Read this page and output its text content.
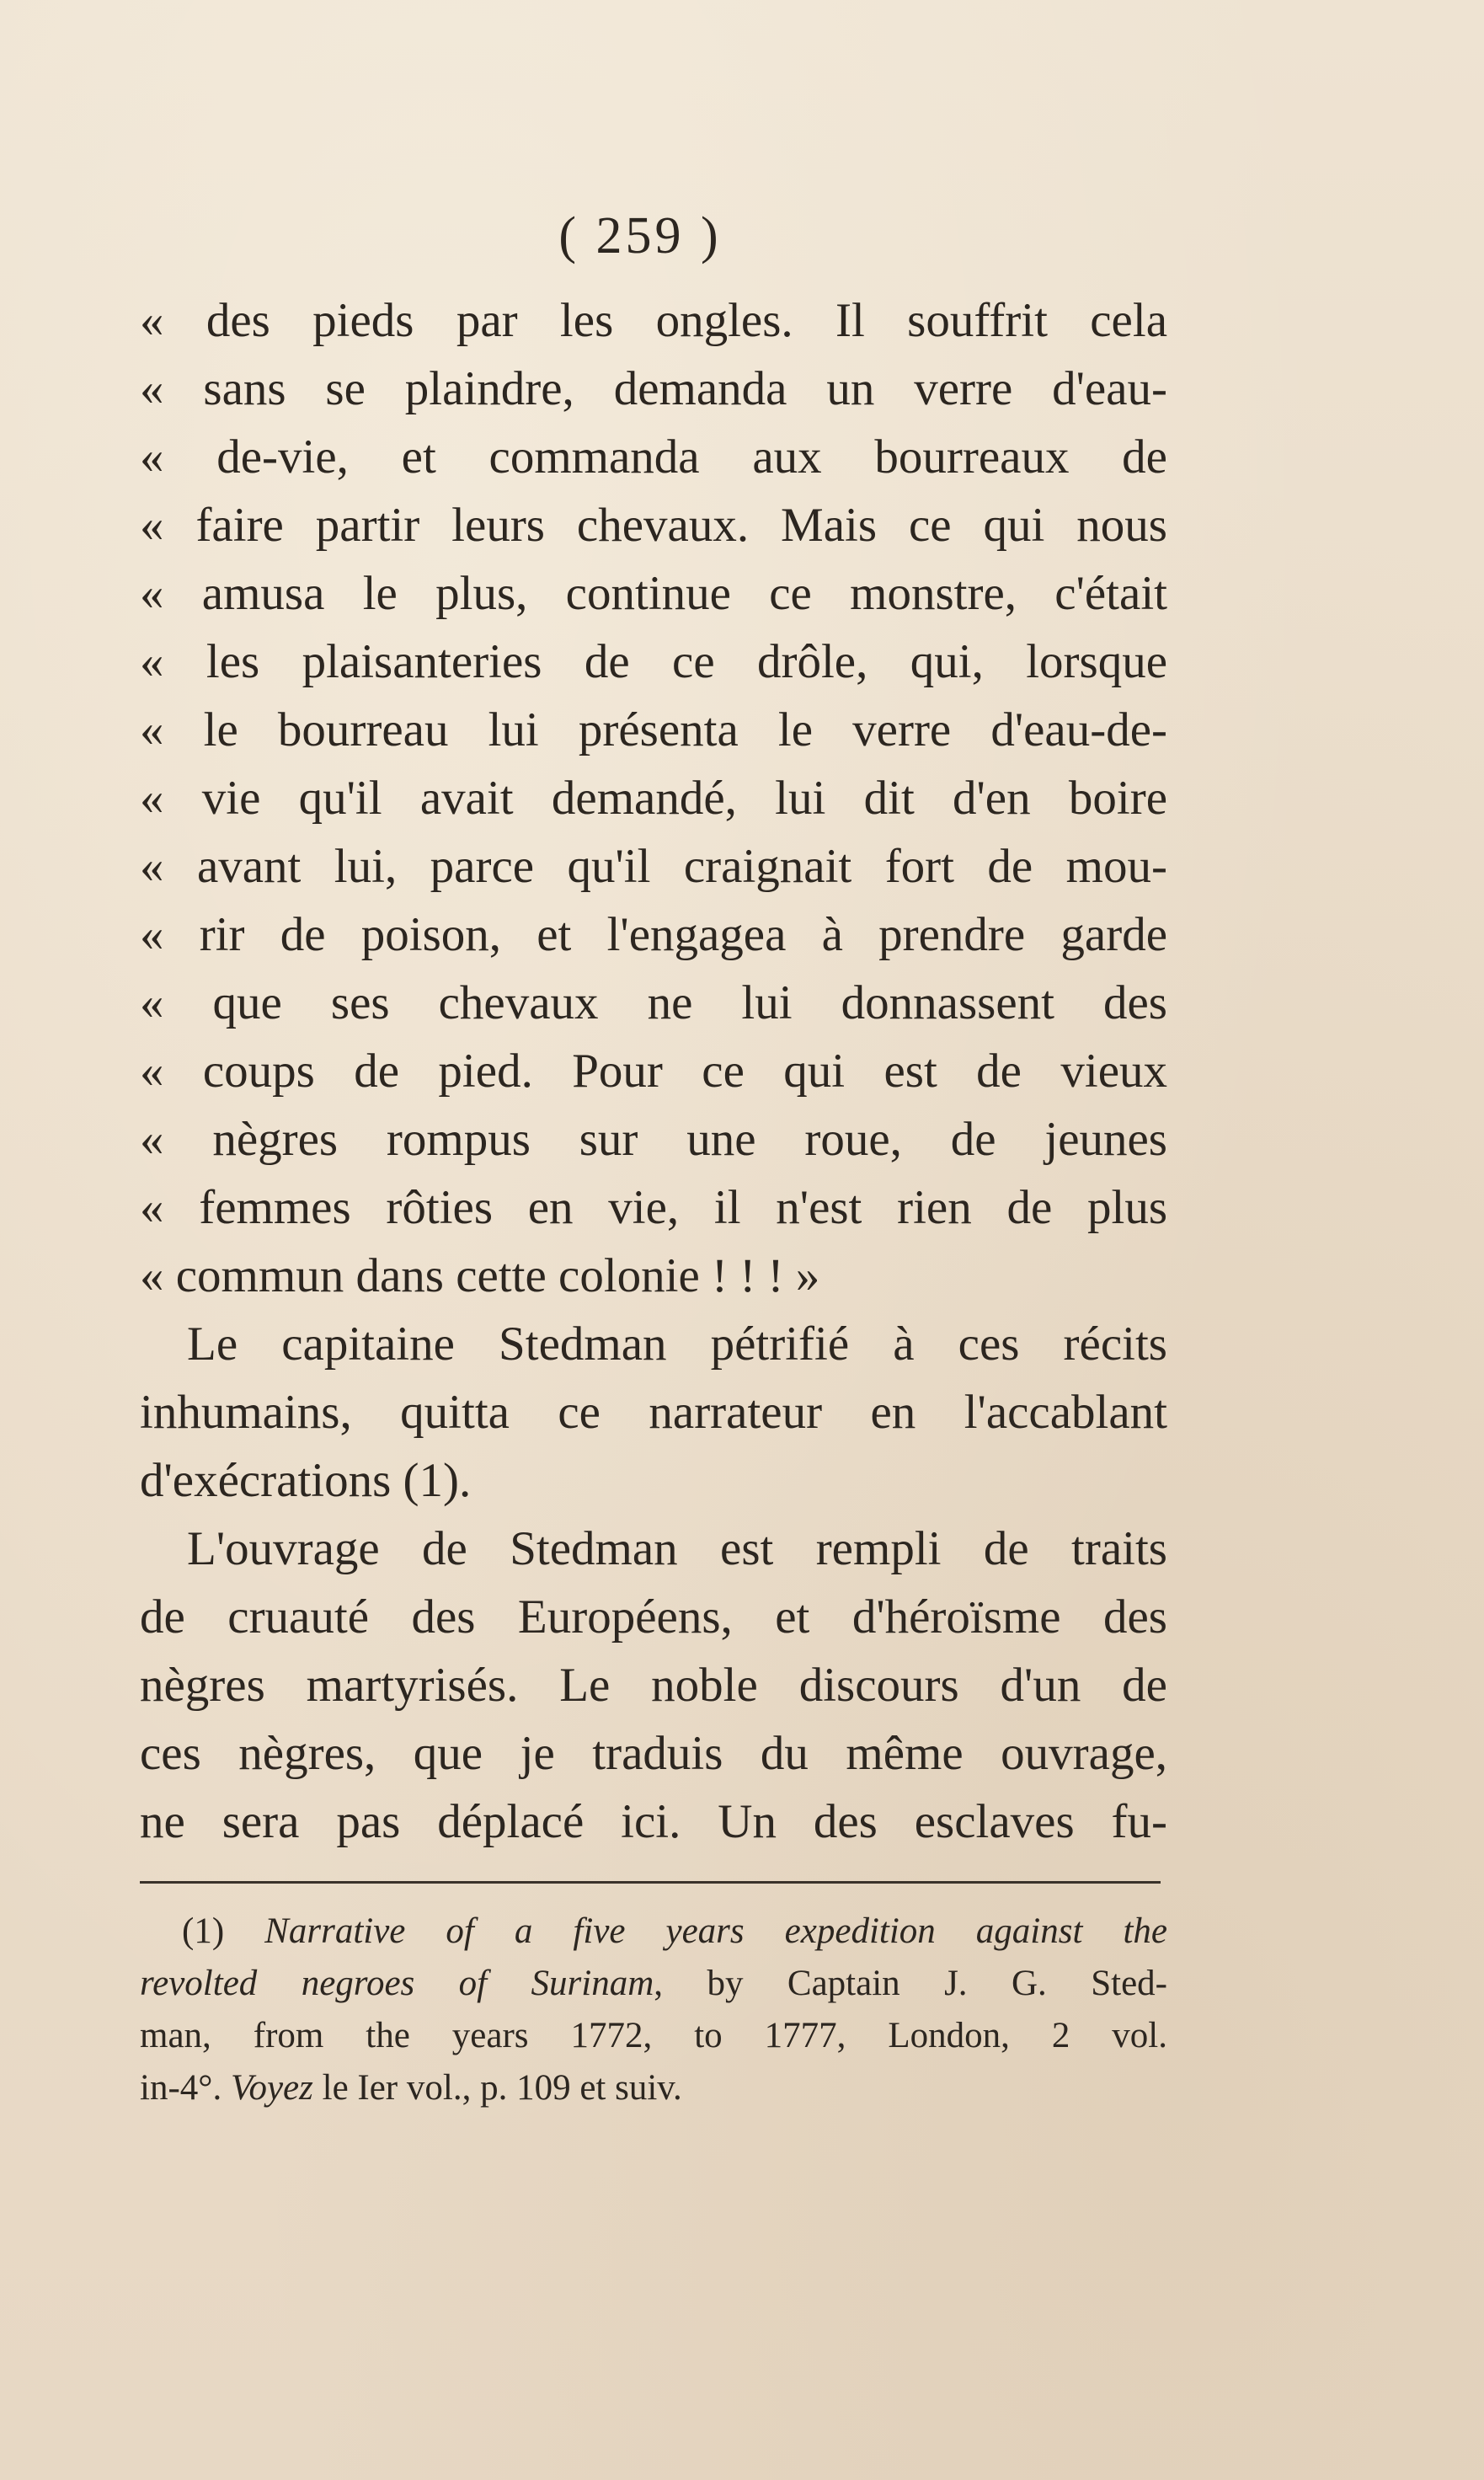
( 259 )
« des pieds par les ongles. Il souffrit cela
« sans se plaindre, demanda un verre d'eau-
« de-vie, et commanda aux bourreaux de
« faire partir leurs chevaux. Mais ce qui nous
« amusa le plus, continue ce monstre, c'était
« les plaisanteries de ce drôle, qui, lorsque
« le bourreau lui présenta le verre d'eau-de-
« vie qu'il avait demandé, lui dit d'en boire
« avant lui, parce qu'il craignait fort de mou-
« rir de poison, et l'engagea à prendre garde
« que ses chevaux ne lui donnassent des
« coups de pied. Pour ce qui est de vieux
« nègres rompus sur une roue, de jeunes
« femmes rôties en vie, il n'est rien de plus
« commun dans cette colonie ! ! ! »
Le capitaine Stedman pétrifié à ces récits
inhumains, quitta ce narrateur en l'accablant
d'exécrations (1).
L'ouvrage de Stedman est rempli de traits
de cruauté des Européens, et d'héroïsme des
nègres martyrisés. Le noble discours d'un de
ces nègres, que je traduis du même ouvrage,
ne sera pas déplacé ici. Un des esclaves fu-
(1) Narrative of a five years expedition against the
revolted negroes of Surinam, by Captain J. G. Sted-
man, from the years 1772, to 1777, London, 2 vol.
in-4°. Voyez le Ier vol., p. 109 et suiv.
